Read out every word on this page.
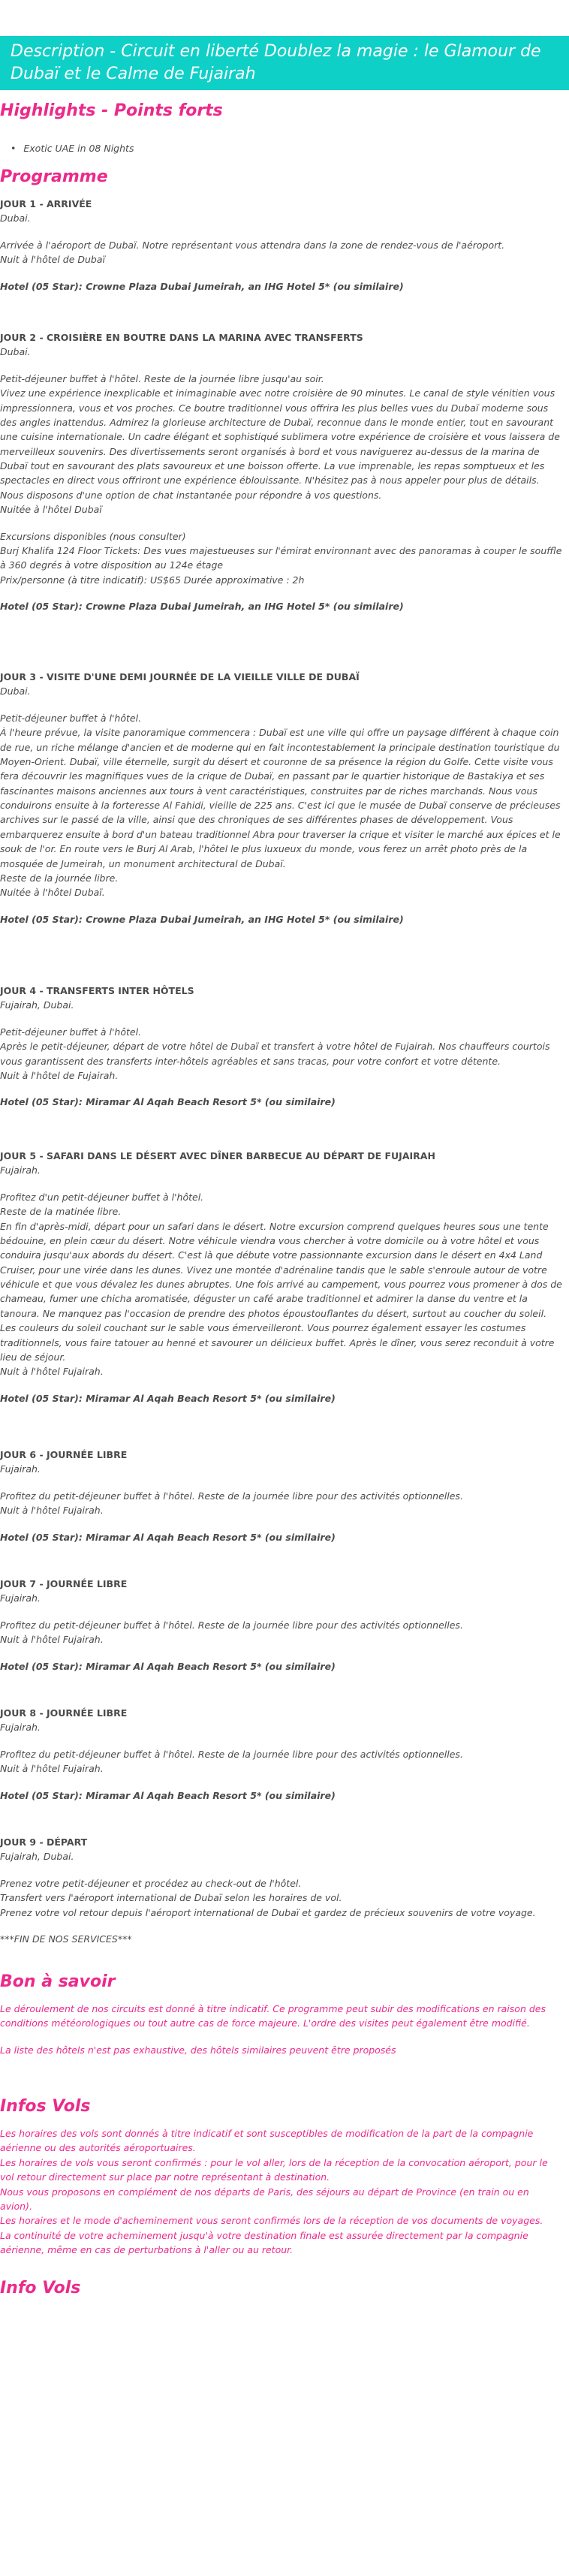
Description - Circuit en liberté Doublez la magie : le Glamour de Dubaï et le Calme de Fujairah
Highlights - Points forts
• Exotic UAE in 08 Nights
Programme

JOUR 1 - ARRIVÉE

Dubai.

Arrivée à l'aéroport de Dubaï. Notre représentant vous attendra dans la zone de rendez-vous de l'aéroport.
Nuit à l'hôtel de Dubaï

Hotel (05 Star): Crowne Plaza Dubai Jumeirah, an IHG Hotel 5* (ou similaire)

JOUR 2 - CROISIÈRE EN BOUTRE DANS LA MARINA AVEC TRANSFERTS

Dubai.

Petit-déjeuner buffet à l'hôtel. Reste de la journée libre jusqu'au soir.
Vivez une expérience inexplicable et inimaginable avec notre croisière de 90 minutes. Le canal de style vénitien vous impressionnera, vous et vos proches. Ce boutre traditionnel vous offrira les plus belles vues du Dubaï moderne sous des angles inattendus. Admirez la glorieuse architecture de Dubaï, reconnue dans le monde entier, tout en savourant une cuisine internationale. Un cadre élégant et sophistiqué sublimera votre expérience de croisière et vous laissera de merveilleux souvenirs. Des divertissements seront organisés à bord et vous naviguerez au-dessus de la marina de Dubaï tout en savourant des plats savoureux et une boisson offerte. La vue imprenable, les repas somptueux et les spectacles en direct vous offriront une expérience éblouissante. N'hésitez pas à nous appeler pour plus de détails. Nous disposons d'une option de chat instantanée pour répondre à vos questions.
Nuitée à l'hôtel Dubaï

Excursions disponibles (nous consulter)

Burj Khalifa 124 Floor Tickets: Des vues majestueuses sur l'émirat environnant avec des panoramas à couper le souffle à 360 degrés à votre disposition au 124e étage
Prix/personne (à titre indicatif): US$65 Durée approximative : 2h

Hotel (05 Star): Crowne Plaza Dubai Jumeirah, an IHG Hotel 5* (ou similaire)

JOUR 3 - VISITE D'UNE DEMI JOURNÉE DE LA VIEILLE VILLE DE DUBAÏ

Dubai.

Petit-déjeuner buffet à l'hôtel.
À l'heure prévue, la visite panoramique commencera : Dubaï est une ville qui offre un paysage différent à chaque coin de rue, un riche mélange d'ancien et de moderne qui en fait incontestablement la principale destination touristique du Moyen-Orient. Dubaï, ville éternelle, surgit du désert et couronne de sa présence la région du Golfe. Cette visite vous fera découvrir les magnifiques vues de la crique de Dubaï, en passant par le quartier historique de Bastakiya et ses fascinantes maisons anciennes aux tours à vent caractéristiques, construites par de riches marchands. Nous vous conduirons ensuite à la forteresse Al Fahidi, vieille de 225 ans. C'est ici que le musée de Dubaï conserve de précieuses archives sur le passé de la ville, ainsi que des chroniques de ses différentes phases de développement. Vous embarquerez ensuite à bord d'un bateau traditionnel Abra pour traverser la crique et visiter le marché aux épices et le souk de l'or. En route vers le Burj Al Arab, l'hôtel le plus luxueux du monde, vous ferez un arrêt photo près de la mosquée de Jumeirah, un monument architectural de Dubaï.
Reste de la journée libre.
Nuitée à l'hôtel Dubaï.

Hotel (05 Star): Crowne Plaza Dubai Jumeirah, an IHG Hotel 5* (ou similaire)

JOUR 4 - TRANSFERTS INTER HÔTELS

Fujairah, Dubai.

Petit-déjeuner buffet à l'hôtel.
Après le petit-déjeuner, départ de votre hôtel de Dubaï et transfert à votre hôtel de Fujairah. Nos chauffeurs courtois vous garantissent des transferts inter-hôtels agréables et sans tracas, pour votre confort et votre détente.
Nuit à l'hôtel de Fujairah.

Hotel (05 Star): Miramar Al Aqah Beach Resort 5* (ou similaire)

JOUR 5 - SAFARI DANS LE DÉSERT AVEC DÎNER BARBECUE AU DÉPART DE FUJAIRAH

Fujairah.

Profitez d'un petit-déjeuner buffet à l'hôtel.
Reste de la matinée libre.
En fin d'après-midi, départ pour un safari dans le désert. Notre excursion comprend quelques heures sous une tente bédouine, en plein cœur du désert. Notre véhicule viendra vous chercher à votre domicile ou à votre hôtel et vous conduira jusqu'aux abords du désert. C'est là que débute votre passionnante excursion dans le désert en 4x4 Land Cruiser, pour une virée dans les dunes. Vivez une montée d'adrénaline tandis que le sable s'enroule autour de votre véhicule et que vous dévalez les dunes abruptes. Une fois arrivé au campement, vous pourrez vous promener à dos de chameau, fumer une chicha aromatisée, déguster un café arabe traditionnel et admirer la danse du ventre et la tanoura. Ne manquez pas l'occasion de prendre des photos époustouflantes du désert, surtout au coucher du soleil. Les couleurs du soleil couchant sur le sable vous émerveilleront. Vous pourrez également essayer les costumes traditionnels, vous faire tatouer au henné et savourer un délicieux buffet. Après le dîner, vous serez reconduit à votre lieu de séjour.
Nuit à l'hôtel Fujairah.

Hotel (05 Star): Miramar Al Aqah Beach Resort 5* (ou similaire)

JOUR 6 - JOURNÉE LIBRE

Fujairah.

Profitez du petit-déjeuner buffet à l'hôtel. Reste de la journée libre pour des activités optionnelles.
Nuit à l'hôtel Fujairah.

Hotel (05 Star): Miramar Al Aqah Beach Resort 5* (ou similaire)

JOUR 7 - JOURNÉE LIBRE

Fujairah.

Profitez du petit-déjeuner buffet à l'hôtel. Reste de la journée libre pour des activités optionnelles.
Nuit à l'hôtel Fujairah.

Hotel (05 Star): Miramar Al Aqah Beach Resort 5* (ou similaire)

JOUR 8 - JOURNÉE LIBRE

Fujairah.

Profitez du petit-déjeuner buffet à l'hôtel. Reste de la journée libre pour des activités optionnelles.
Nuit à l'hôtel Fujairah.

Hotel (05 Star): Miramar Al Aqah Beach Resort 5* (ou similaire)

JOUR 9 - DÉPART

Fujairah, Dubai.

Prenez votre petit-déjeuner et procédez au check-out de l'hôtel.
Transfert vers l'aéroport international de Dubaï selon les horaires de vol.
Prenez votre vol retour depuis l'aéroport international de Dubaï et gardez de précieux souvenirs de votre voyage.

***FIN DE NOS SERVICES***

Bon à savoir

Le déroulement de nos circuits est donné à titre indicatif. Ce programme peut subir des modifications en raison des conditions météorologiques ou tout autre cas de force majeure. L'ordre des visites peut également être modifié.

La liste des hôtels n'est pas exhaustive, des hôtels similaires peuvent être proposés

Infos Vols

Les horaires des vols sont donnés à titre indicatif et sont susceptibles de modification de la part de la compagnie aérienne ou des autorités aéroportuaires.
Les horaires de vols vous seront confirmés : pour le vol aller, lors de la réception de la convocation aéroport, pour le vol retour directement sur place par notre représentant à destination.
Nous vous proposons en complément de nos départs de Paris, des séjours au départ de Province (en train ou en avion).
Les horaires et le mode d'acheminement vous seront confirmés lors de la réception de vos documents de voyages.
La continuité de votre acheminement jusqu'à votre destination finale est assurée directement par la compagnie aérienne, même en cas de perturbations à l'aller ou au retour.

Info Vols
